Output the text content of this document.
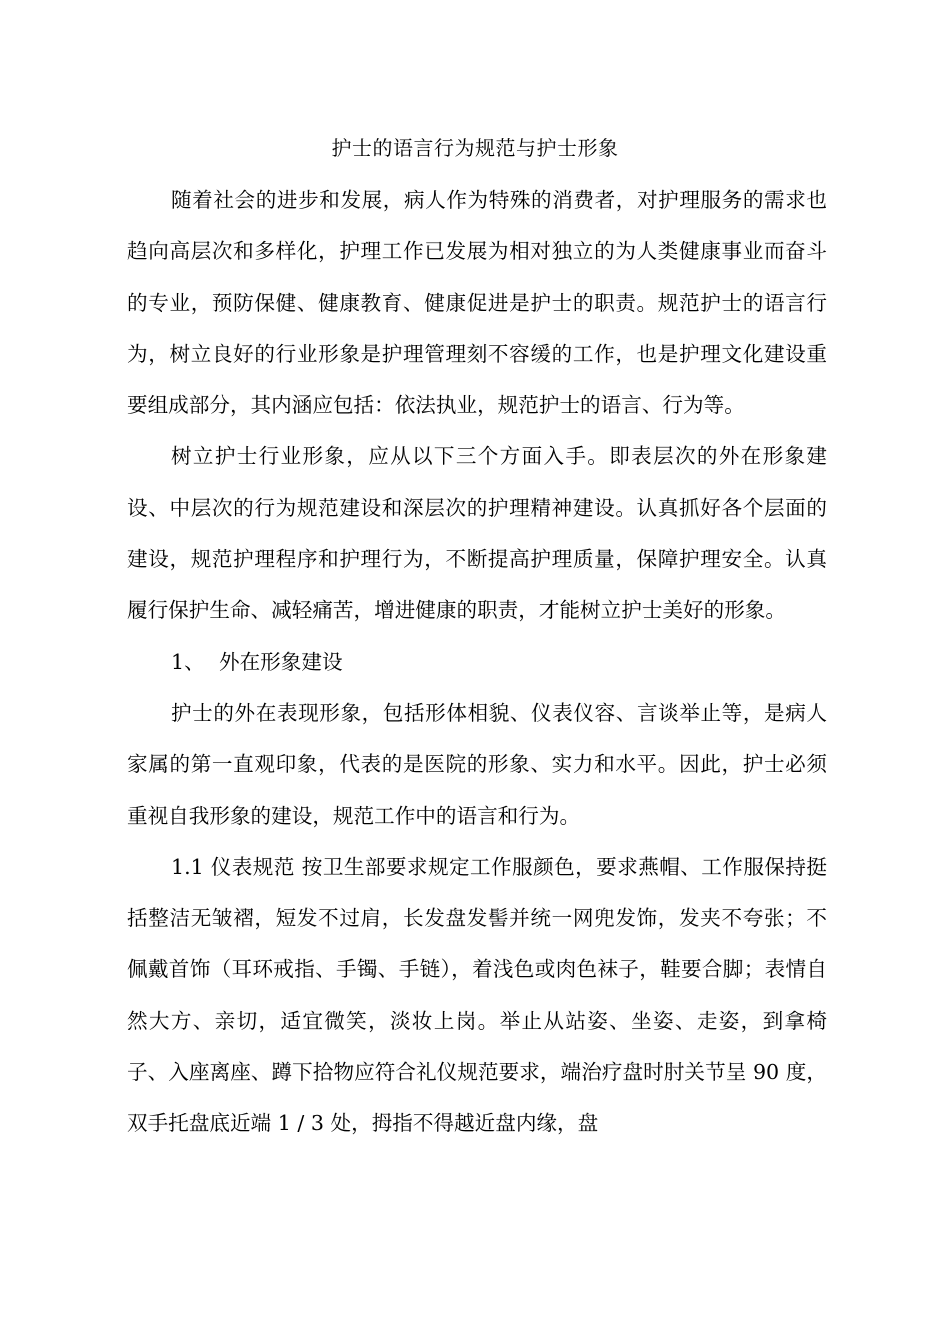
护士的语言行为规范与护士形象

随着社会的进步和发展，病人作为特殊的消费者，对护理服务的需求也趋向高层次和多样化，护理工作已发展为相对独立的为人类健康事业而奋斗的专业，预防保健、健康教育、健康促进是护士的职责。规范护士的语言行为，树立良好的行业形象是护理管理刻不容缓的工作，也是护理文化建设重要组成部分，其内涵应包括：依法执业，规范护士的语言、行为等。

树立护士行业形象，应从以下三个方面入手。即表层次的外在形象建设、中层次的行为规范建设和深层次的护理精神建设。认真抓好各个层面的建设，规范护理程序和护理行为，不断提高护理质量，保障护理安全。认真履行保护生命、减轻痛苦，增进健康的职责，才能树立护士美好的形象。

1、 外在形象建设

护士的外在表现形象，包括形体相貌、仪表仪容、言谈举止等，是病人家属的第一直观印象，代表的是医院的形象、实力和水平。因此，护士必须重视自我形象的建设，规范工作中的语言和行为。

1.1 仪表规范 按卫生部要求规定工作服颜色，要求燕帽、工作服保持挺括整洁无皱褶，短发不过肩，长发盘发髻并统一网兜发饰，发夹不夸张；不佩戴首饰（耳环戒指、手镯、手链），着浅色或肉色袜子，鞋要合脚；表情自然大方、亲切，适宜微笑，淡妆上岗。举止从站姿、坐姿、走姿，到拿椅子、入座离座、蹲下拾物应符合礼仪规范要求，端治疗盘时肘关节呈 90 度，双手托盘底近端 1 / 3 处，拇指不得越近盘内缘，盘
